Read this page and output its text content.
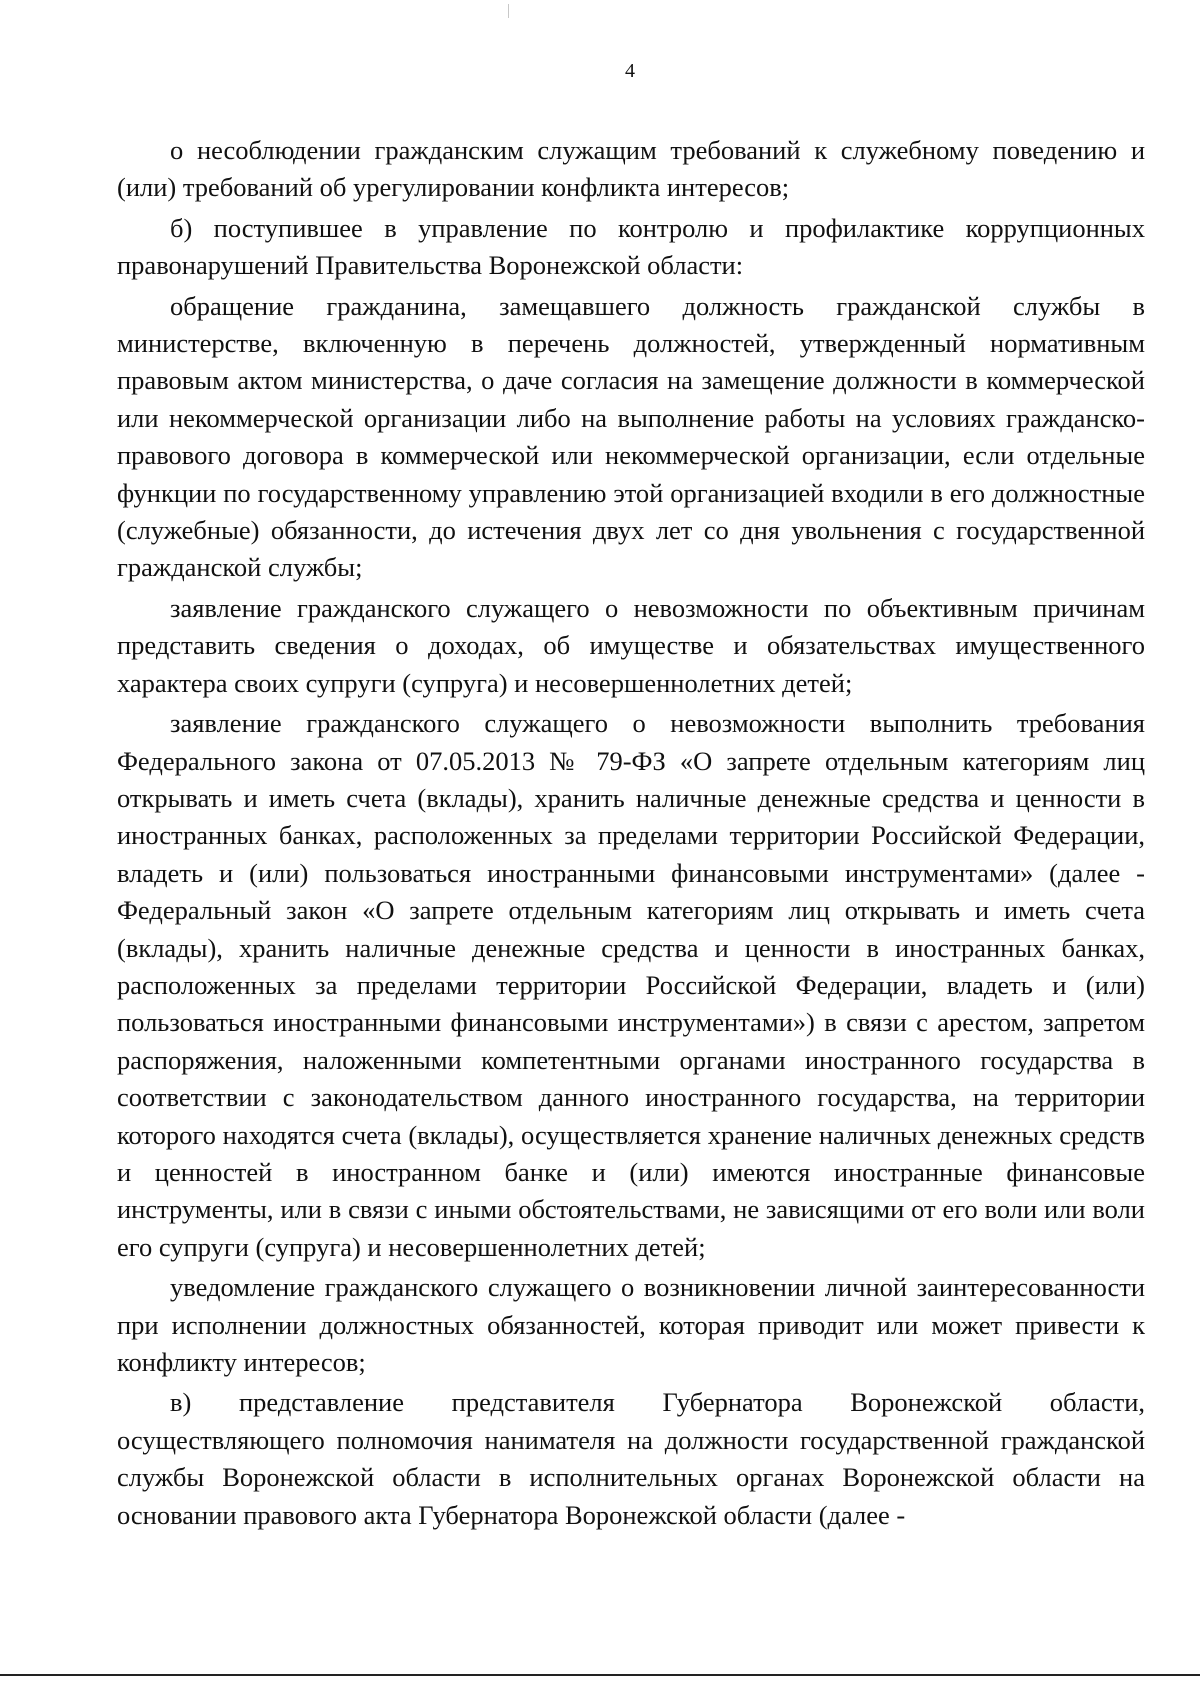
4

о несоблюдении гражданским служащим требований к служебному поведению и (или) требований об урегулировании конфликта интересов;

б) поступившее в управление по контролю и профилактике коррупционных правонарушений Правительства Воронежской области:

обращение гражданина, замещавшего должность гражданской службы в министерстве, включенную в перечень должностей, утвержденный нормативным правовым актом министерства, о даче согласия на замещение должности в коммерческой или некоммерческой организации либо на выполнение работы на условиях гражданско-правового договора в коммерческой или некоммерческой организации, если отдельные функции по государственному управлению этой организацией входили в его должностные (служебные) обязанности, до истечения двух лет со дня увольнения с государственной гражданской службы;

заявление гражданского служащего о невозможности по объективным причинам представить сведения о доходах, об имуществе и обязательствах имущественного характера своих супруги (супруга) и несовершеннолетних детей;

заявление гражданского служащего о невозможности выполнить требования Федерального закона от 07.05.2013 № 79-ФЗ «О запрете отдельным категориям лиц открывать и иметь счета (вклады), хранить наличные денежные средства и ценности в иностранных банках, расположенных за пределами территории Российской Федерации, владеть и (или) пользоваться иностранными финансовыми инструментами» (далее - Федеральный закон «О запрете отдельным категориям лиц открывать и иметь счета (вклады), хранить наличные денежные средства и ценности в иностранных банках, расположенных за пределами территории Российской Федерации, владеть и (или) пользоваться иностранными финансовыми инструментами») в связи с арестом, запретом распоряжения, наложенными компетентными органами иностранного государства в соответствии с законодательством данного иностранного государства, на территории которого находятся счета (вклады), осуществляется хранение наличных денежных средств и ценностей в иностранном банке и (или) имеются иностранные финансовые инструменты, или в связи с иными обстоятельствами, не зависящими от его воли или воли его супруги (супруга) и несовершеннолетних детей;

уведомление гражданского служащего о возникновении личной заинтересованности при исполнении должностных обязанностей, которая приводит или может привести к конфликту интересов;

в) представление представителя Губернатора Воронежской области, осуществляющего полномочия нанимателя на должности государственной гражданской службы Воронежской области в исполнительных органах Воронежской области на основании правового акта Губернатора Воронежской области (далее -
